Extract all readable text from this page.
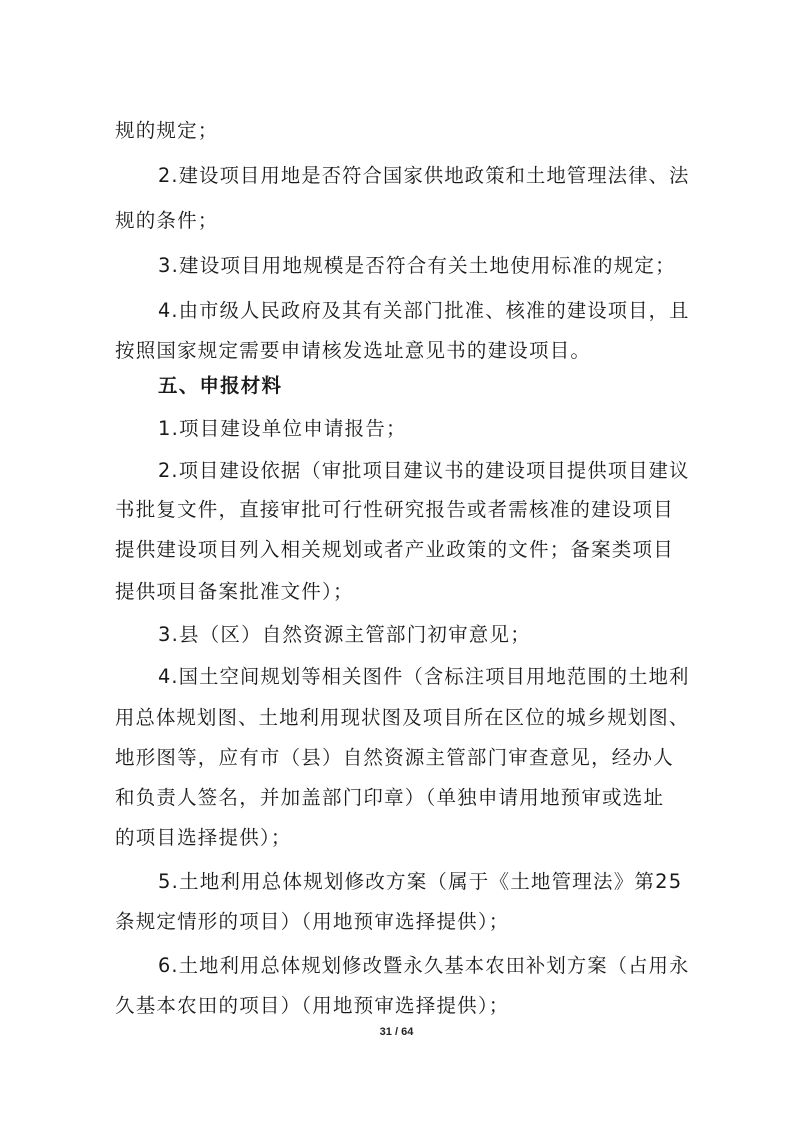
规的规定；
2.建设项目用地是否符合国家供地政策和土地管理法律、法
规的条件；
3.建设项目用地规模是否符合有关土地使用标准的规定；
4.由市级人民政府及其有关部门批准、核准的建设项目，且
按照国家规定需要申请核发选址意见书的建设项目。
五、申报材料
1.项目建设单位申请报告；
2.项目建设依据（审批项目建议书的建设项目提供项目建议
书批复文件，直接审批可行性研究报告或者需核准的建设项目
提供建设项目列入相关规划或者产业政策的文件；备案类项目
提供项目备案批准文件）；
3.县（区）自然资源主管部门初审意见；
4.国土空间规划等相关图件（含标注项目用地范围的土地利
用总体规划图、土地利用现状图及项目所在区位的城乡规划图、
地形图等，应有市（县）自然资源主管部门审查意见，经办人
和负责人签名，并加盖部门印章）（单独申请用地预审或选址
的项目选择提供）；
5.土地利用总体规划修改方案（属于《土地管理法》第25
条规定情形的项目）（用地预审选择提供）；
6.土地利用总体规划修改暨永久基本农田补划方案（占用永
久基本农田的项目）（用地预审选择提供）；
31 / 64
